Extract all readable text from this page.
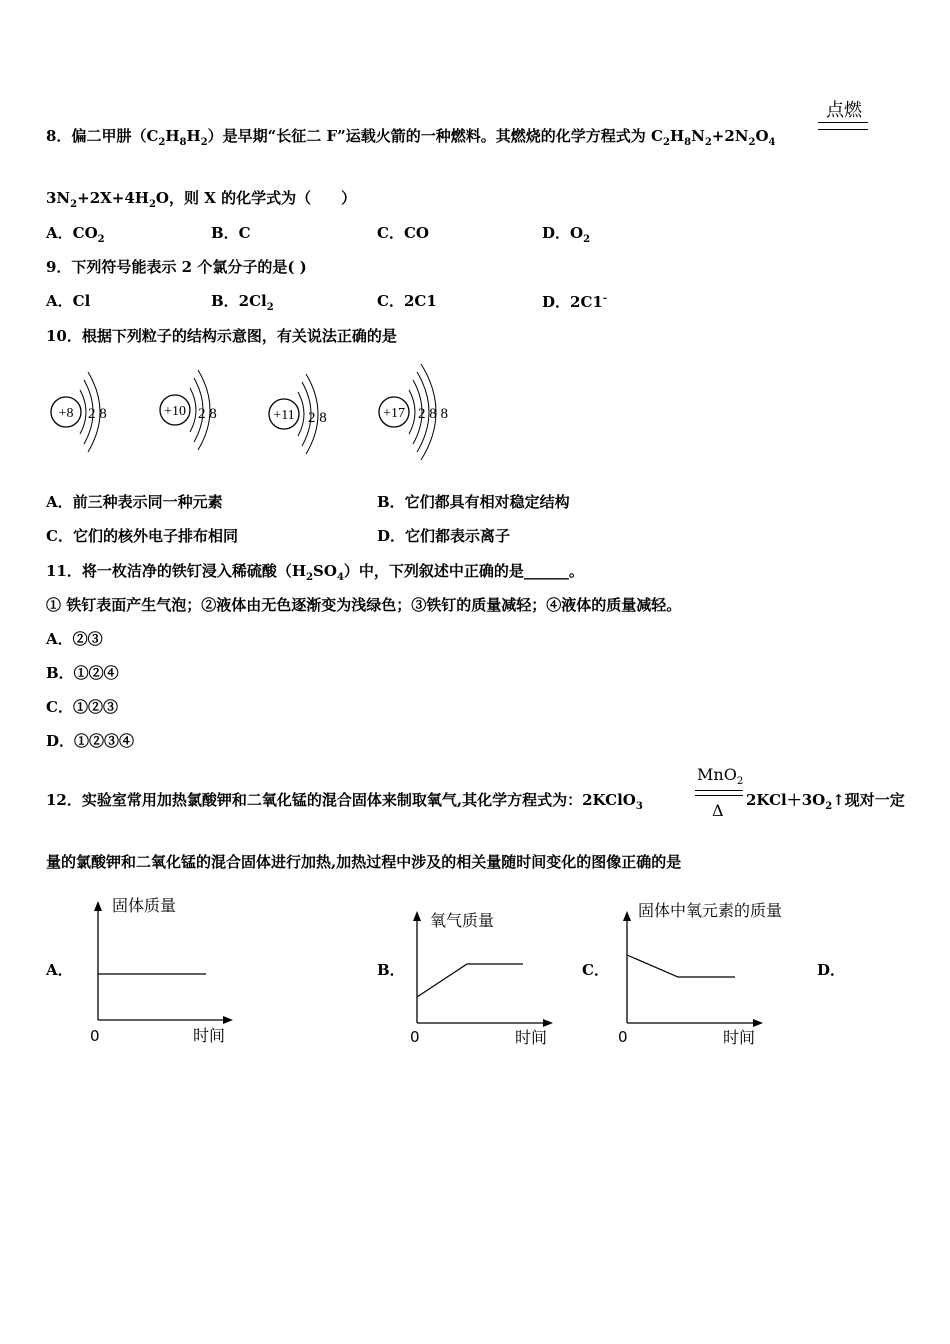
点燃
8．偏二甲肼$(C_2H_8H_2)$是早期“长征二 F”运载火箭的一种燃料。其燃烧的化学方程式为 $C_2H_8N_2+2N_2O_4$
$3N_2+2X+4H_2O$，则 X 的化学式为（　　）
A．$CO_2$	B．C	C．CO	D．$O_2$
9．下列符号能表示 2 个氯分子的是( )
A．Cl	B．$2Cl_2$	C．2C1	D．2C1-
10．根据下列粒子的结构示意图，有关说法正确的是
+8 2 8	+10 2 8	+11 2 8	+17 2 8 8
A．前三种表示同一种元素	B．它们都具有相对稳定结构
C．它们的核外电子排布相同	D．它们都表示离子
11．将一枚洁净的铁钉浸入稀硫酸$(H_2SO_4)$中，下列叙述中正确的是______。
① 铁钉表面产生气泡；②液体由无色逐渐变为浅绿色；③铁钉的质量减轻；④液体的质量减轻。
A．②③
B．①②④
C．①②③
D．①②③④
MnO$_2$
Δ
12．实验室常用加热氯酸钾和二氧化锰的混合固体来制取氧气,其化学方程式为：2KClO$_3$	$2KCl+3O_2↑$现对一定
量的氯酸钾和二氧化锰的混合固体进行加热,加热过程中涉及的相关量随时间变化的图像正确的是
A．
固体质量
0	时间
B．
氧气质量
0	时间
C．
固体中氧元素的质量
0	时间
D．
